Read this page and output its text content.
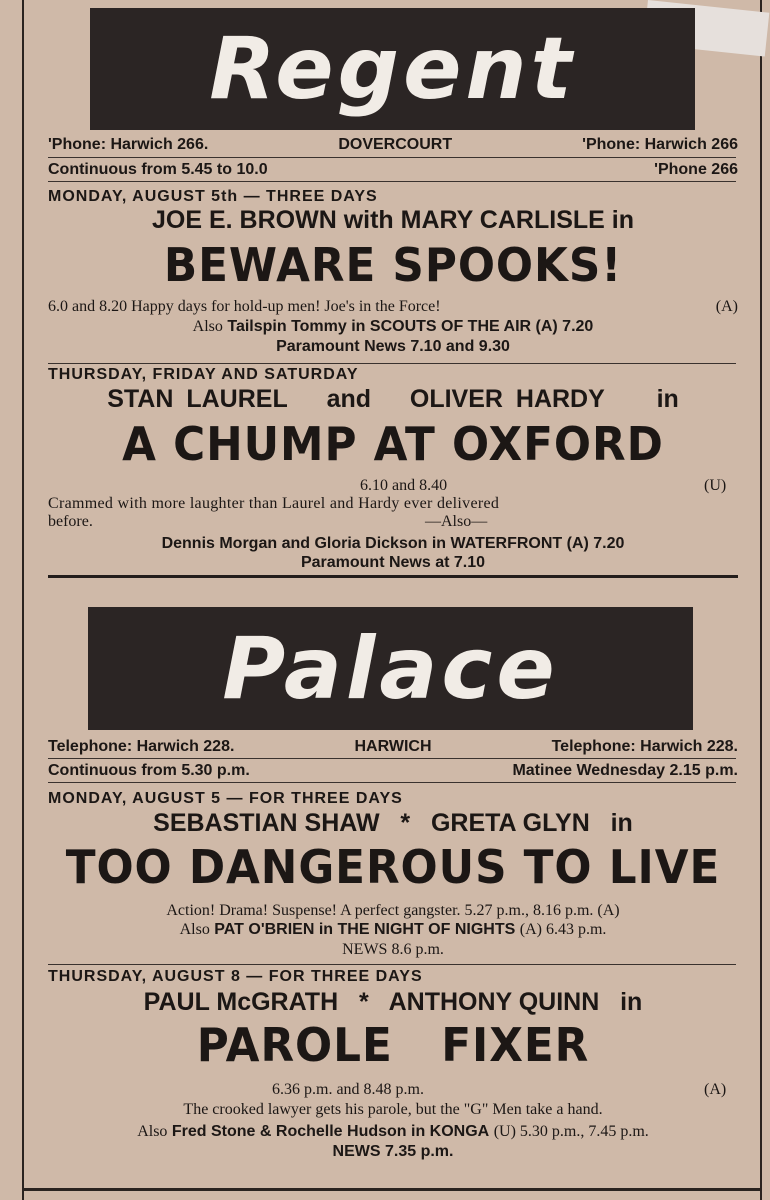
Regent
'Phone: Harwich 266.	DOVERCOURT	'Phone: Harwich 266
Continuous from 5.45 to 10.0	'Phone 266
MONDAY, AUGUST 5th — THREE DAYS
JOE E. BROWN with MARY CARLISLE in
BEWARE SPOOKS!
6.0 and 8.20 Happy days for hold-up men! Joe's in the Force!	(A)
Also Tailspin Tommy in SCOUTS OF THE AIR (A) 7.20
Paramount News 7.10 and 9.30
THURSDAY, FRIDAY AND SATURDAY
STAN LAUREL and OLIVER HARDY in
A CHUMP AT OXFORD
6.10 and 8.40	(U)
Crammed with more laughter than Laurel and Hardy ever delivered
before.	—Also—
Dennis Morgan and Gloria Dickson in WATERFRONT (A) 7.20
Paramount News at 7.10
Palace
Telephone: Harwich 228.	HARWICH	Telephone: Harwich 228.
Continuous from 5.30 p.m.	Matinee Wednesday 2.15 p.m.
MONDAY, AUGUST 5 — FOR THREE DAYS
SEBASTIAN SHAW   *   GRETA GLYN   in
TOO DANGEROUS TO LIVE
Action! Drama! Suspense! A perfect gangster. 5.27 p.m., 8.16 p.m. (A)
Also PAT O'BRIEN in THE NIGHT OF NIGHTS (A) 6.43 p.m.
NEWS 8.6 p.m.
THURSDAY, AUGUST 8 — FOR THREE DAYS
PAUL McGRATH   *   ANTHONY QUINN   in
PAROLE   FIXER
6.36 p.m. and 8.48 p.m.	(A)
The crooked lawyer gets his parole, but the "G" Men take a hand.
Also Fred Stone & Rochelle Hudson in KONGA (U) 5.30 p.m., 7.45 p.m.
NEWS 7.35 p.m.
